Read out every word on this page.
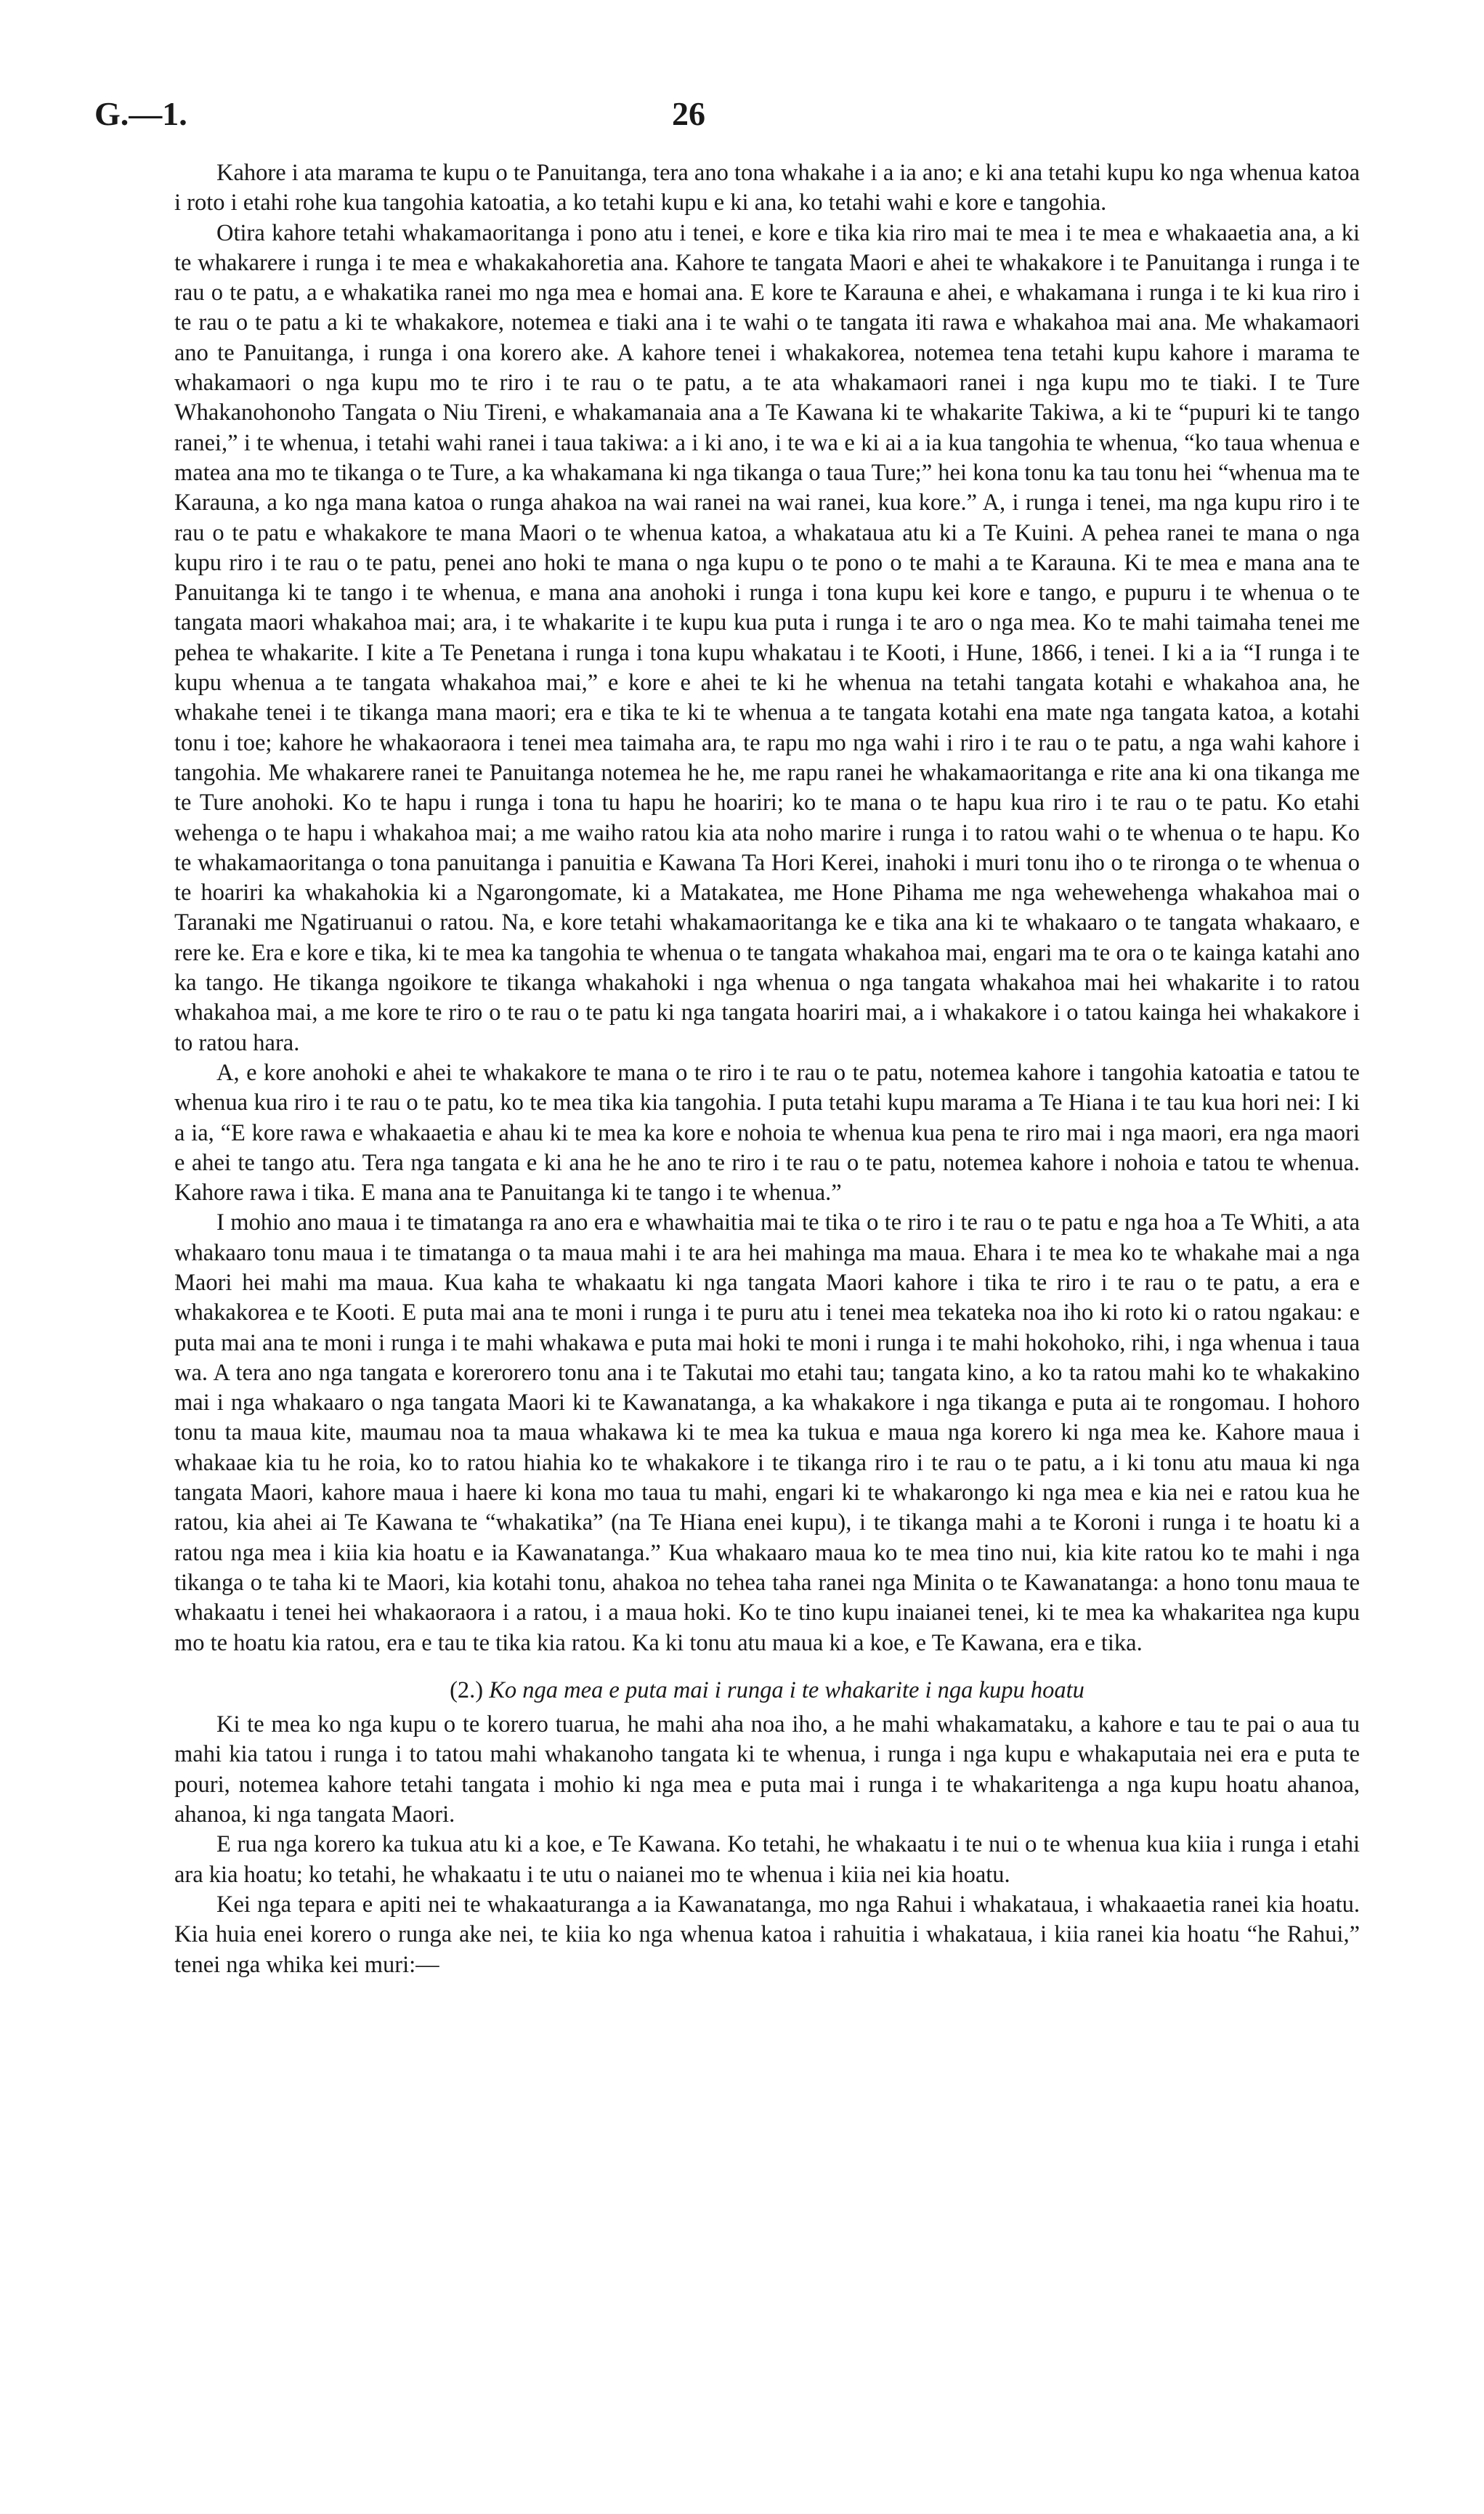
G.—1.	26

Kahore i ata marama te kupu o te Panuitanga, tera ano tona whakahe i a ia ano; e ki ana tetahi kupu ko nga whenua katoa i roto i etahi rohe kua tangohia katoatia, a ko tetahi kupu e ki ana, ko tetahi wahi e kore e tangohia.

Otira kahore tetahi whakamaoritanga i pono atu i tenei, e kore e tika kia riro mai te mea i te mea e whakaaetia ana, a ki te whakarere i runga i te mea e whakakahoretia ana. Kahore te tangata Maori e ahei te whakakore i te Panuitanga i runga i te rau o te patu, a e whakatika ranei mo nga mea e homai ana. E kore te Karauna e ahei, e whakamana i runga i te ki kua riro i te rau o te patu a ki te whakakore, notemea e tiaki ana i te wahi o te tangata iti rawa e whakahoa mai ana. Me whakamaori ano te Panuitanga, i runga i ona korero ake. A kahore tenei i whakakorea, notemea tena tetahi kupu kahore i marama te whakamaori o nga kupu mo te riro i te rau o te patu, a te ata whakamaori ranei i nga kupu mo te tiaki. I te Ture Whakanohonoho Tangata o Niu Tireni, e whakamanaia ana a Te Kawana ki te whakarite Takiwa, a ki te “pupuri ki te tango ranei,” i te whenua, i tetahi wahi ranei i taua takiwa: a i ki ano, i te wa e ki ai a ia kua tangohia te whenua, “ko taua whenua e matea ana mo te tikanga o te Ture, a ka whakamana ki nga tikanga o taua Ture;” hei kona tonu ka tau tonu hei “whenua ma te Karauna, a ko nga mana katoa o runga ahakoa na wai ranei na wai ranei, kua kore.” A, i runga i tenei, ma nga kupu riro i te rau o te patu e whakakore te mana Maori o te whenua katoa, a whakataua atu ki a Te Kuini. A pehea ranei te mana o nga kupu riro i te rau o te patu, penei ano hoki te mana o nga kupu o te pono o te mahi a te Karauna. Ki te mea e mana ana te Panuitanga ki te tango i te whenua, e mana ana anohoki i runga i tona kupu kei kore e tango, e pupuru i te whenua o te tangata maori whakahoa mai; ara, i te whakarite i te kupu kua puta i runga i te aro o nga mea. Ko te mahi taimaha tenei me pehea te whakarite. I kite a Te Penetana i runga i tona kupu whakatau i te Kooti, i Hune, 1866, i tenei. I ki a ia “I runga i te kupu whenua a te tangata whakahoa mai,” e kore e ahei te ki he whenua na tetahi tangata kotahi e whakahoa ana, he whakahe tenei i te tikanga mana maori; era e tika te ki te whenua a te tangata kotahi ena mate nga tangata katoa, a kotahi tonu i toe; kahore he whakaoraora i tenei mea taimaha ara, te rapu mo nga wahi i riro i te rau o te patu, a nga wahi kahore i tangohia. Me whakarere ranei te Panuitanga notemea he he, me rapu ranei he whakamaoritanga e rite ana ki ona tikanga me te Ture anohoki. Ko te hapu i runga i tona tu hapu he hoariri; ko te mana o te hapu kua riro i te rau o te patu. Ko etahi wehenga o te hapu i whakahoa mai; a me waiho ratou kia ata noho marire i runga i to ratou wahi o te whenua o te hapu. Ko te whakamaoritanga o tona panuitanga i panuitia e Kawana Ta Hori Kerei, inahoki i muri tonu iho o te rironga o te whenua o te hoariri ka whakahokia ki a Ngarongomate, ki a Matakatea, me Hone Pihama me nga wehewehenga whakahoa mai o Taranaki me Ngatiruanui o ratou. Na, e kore tetahi whakamaoritanga ke e tika ana ki te whakaaro o te tangata whakaaro, e rere ke. Era e kore e tika, ki te mea ka tangohia te whenua o te tangata whakahoa mai, engari ma te ora o te kainga katahi ano ka tango. He tikanga ngoikore te tikanga whakahoki i nga whenua o nga tangata whakahoa mai hei whakarite i to ratou whakahoa mai, a me kore te riro o te rau o te patu ki nga tangata hoariri mai, a i whakakore i o tatou kainga hei whakakore i to ratou hara.

A, e kore anohoki e ahei te whakakore te mana o te riro i te rau o te patu, notemea kahore i tangohia katoatia e tatou te whenua kua riro i te rau o te patu, ko te mea tika kia tangohia. I puta tetahi kupu marama a Te Hiana i te tau kua hori nei: I ki a ia, “E kore rawa e whakaaetia e ahau ki te mea ka kore e nohoia te whenua kua pena te riro mai i nga maori, era nga maori e ahei te tango atu. Tera nga tangata e ki ana he he ano te riro i te rau o te patu, notemea kahore i nohoia e tatou te whenua. Kahore rawa i tika. E mana ana te Panuitanga ki te tango i te whenua.”

I mohio ano maua i te timatanga ra ano era e whawhaitia mai te tika o te riro i te rau o te patu e nga hoa a Te Whiti, a ata whakaaro tonu maua i te timatanga o ta maua mahi i te ara hei mahinga ma maua. Ehara i te mea ko te whakahe mai a nga Maori hei mahi ma maua. Kua kaha te whakaatu ki nga tangata Maori kahore i tika te riro i te rau o te patu, a era e whakakorea e te Kooti. E puta mai ana te moni i runga i te puru atu i tenei mea tekateka noa iho ki roto ki o ratou ngakau: e puta mai ana te moni i runga i te mahi whakawa e puta mai hoki te moni i runga i te mahi hokohoko, rihi, i nga whenua i taua wa. A tera ano nga tangata e korerorero tonu ana i te Takutai mo etahi tau; tangata kino, a ko ta ratou mahi ko te whakakino mai i nga whakaaro o nga tangata Maori ki te Kawanatanga, a ka whakakore i nga tikanga e puta ai te rongomau. I hohoro tonu ta maua kite, maumau noa ta maua whakawa ki te mea ka tukua e maua nga korero ki nga mea ke. Kahore maua i whakaae kia tu he roia, ko to ratou hiahia ko te whakakore i te tikanga riro i te rau o te patu, a i ki tonu atu maua ki nga tangata Maori, kahore maua i haere ki kona mo taua tu mahi, engari ki te whakarongo ki nga mea e kia nei e ratou kua he ratou, kia ahei ai Te Kawana te “whakatika” (na Te Hiana enei kupu), i te tikanga mahi a te Koroni i runga i te hoatu ki a ratou nga mea i kiia kia hoatu e ia Kawanatanga.” Kua whakaaro maua ko te mea tino nui, kia kite ratou ko te mahi i nga tikanga o te taha ki te Maori, kia kotahi tonu, ahakoa no tehea taha ranei nga Minita o te Kawanatanga: a hono tonu maua te whakaatu i tenei hei whakaoraora i a ratou, i a maua hoki. Ko te tino kupu inaianei tenei, ki te mea ka whakaritea nga kupu mo te hoatu kia ratou, era e tau te tika kia ratou. Ka ki tonu atu maua ki a koe, e Te Kawana, era e tika.

(2.) Ko nga mea e puta mai i runga i te whakarite i nga kupu hoatu

Ki te mea ko nga kupu o te korero tuarua, he mahi aha noa iho, a he mahi whakamataku, a kahore e tau te pai o aua tu mahi kia tatou i runga i to tatou mahi whakanoho tangata ki te whenua, i runga i nga kupu e whakaputaia nei era e puta te pouri, notemea kahore tetahi tangata i mohio ki nga mea e puta mai i runga i te whakaritenga a nga kupu hoatu ahanoa, ahanoa, ki nga tangata Maori.

E rua nga korero ka tukua atu ki a koe, e Te Kawana. Ko tetahi, he whakaatu i te nui o te whenua kua kiia i runga i etahi ara kia hoatu; ko tetahi, he whakaatu i te utu o naianei mo te whenua i kiia nei kia hoatu.

Kei nga tepara e apiti nei te whakaaturanga a ia Kawanatanga, mo nga Rahui i whakataua, i whakaaetia ranei kia hoatu. Kia huia enei korero o runga ake nei, te kiia ko nga whenua katoa i rahuitia i whakataua, i kiia ranei kia hoatu “he Rahui,” tenei nga whika kei muri:—
